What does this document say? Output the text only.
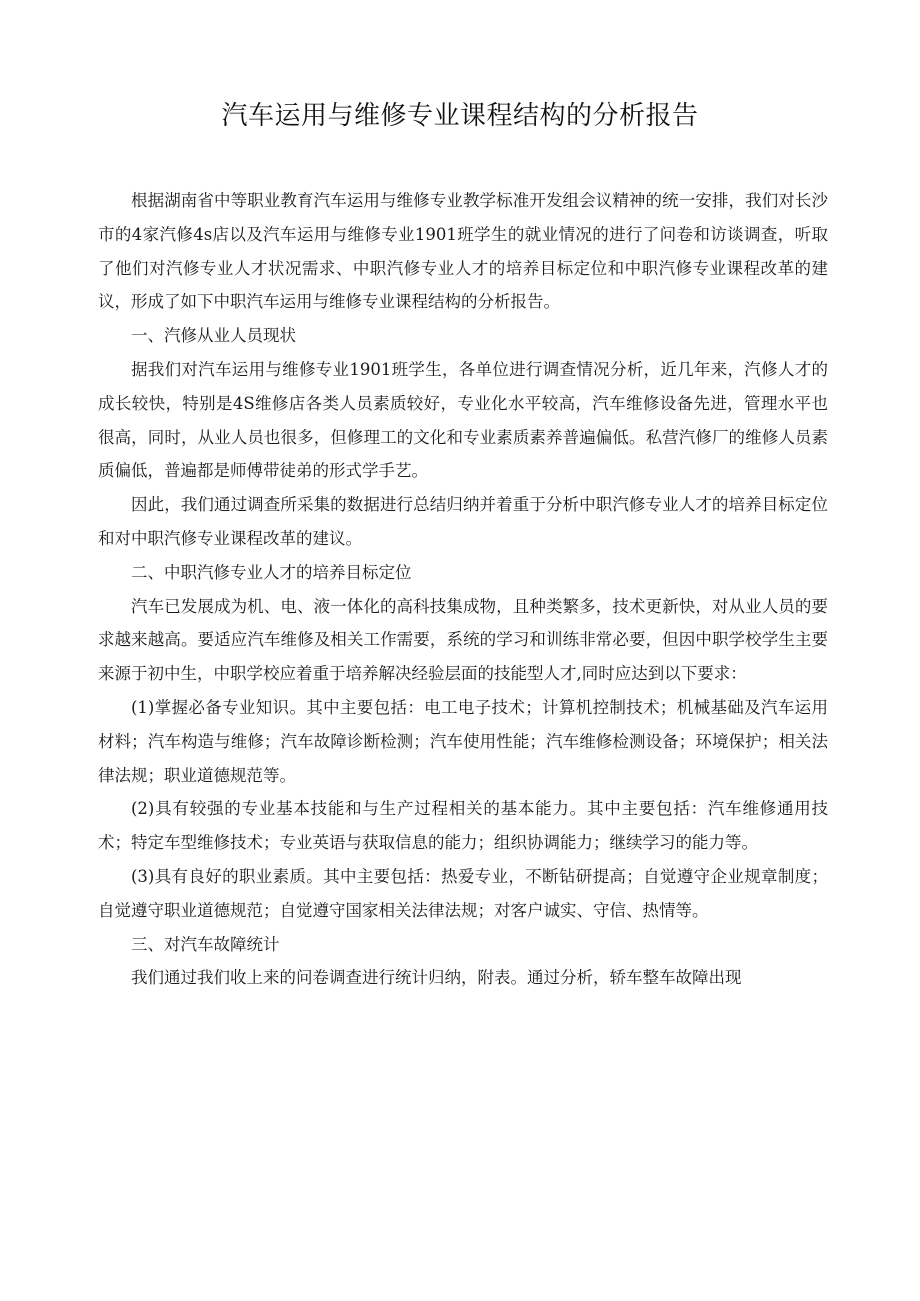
汽车运用与维修专业课程结构的分析报告

根据湖南省中等职业教育汽车运用与维修专业教学标准开发组会议精神的统一安排，我们对长沙市的4家汽修4s店以及汽车运用与维修专业1901班学生的就业情况的进行了问卷和访谈调查，听取了他们对汽修专业人才状况需求、中职汽修专业人才的培养目标定位和中职汽修专业课程改革的建议，形成了如下中职汽车运用与维修专业课程结构的分析报告。

一、汽修从业人员现状

据我们对汽车运用与维修专业1901班学生，各单位进行调查情况分析，近几年来，汽修人才的成长较快，特别是4S维修店各类人员素质较好，专业化水平较高，汽车维修设备先进，管理水平也很高，同时，从业人员也很多，但修理工的文化和专业素质素养普遍偏低。私营汽修厂的维修人员素质偏低，普遍都是师傅带徒弟的形式学手艺。

因此，我们通过调查所采集的数据进行总结归纳并着重于分析中职汽修专业人才的培养目标定位和对中职汽修专业课程改革的建议。

二、中职汽修专业人才的培养目标定位

汽车已发展成为机、电、液一体化的高科技集成物，且种类繁多，技术更新快，对从业人员的要求越来越高。要适应汽车维修及相关工作需要，系统的学习和训练非常必要，但因中职学校学生主要来源于初中生，中职学校应着重于培养解决经验层面的技能型人才,同时应达到以下要求：

(1)掌握必备专业知识。其中主要包括：电工电子技术；计算机控制技术；机械基础及汽车运用材料；汽车构造与维修；汽车故障诊断检测；汽车使用性能；汽车维修检测设备；环境保护；相关法律法规；职业道德规范等。

(2)具有较强的专业基本技能和与生产过程相关的基本能力。其中主要包括：汽车维修通用技术；特定车型维修技术；专业英语与获取信息的能力；组织协调能力；继续学习的能力等。

(3)具有良好的职业素质。其中主要包括：热爱专业，不断钻研提高；自觉遵守企业规章制度；自觉遵守职业道德规范；自觉遵守国家相关法律法规；对客户诚实、守信、热情等。

三、对汽车故障统计

我们通过我们收上来的问卷调查进行统计归纳，附表。通过分析，轿车整车故障出现
